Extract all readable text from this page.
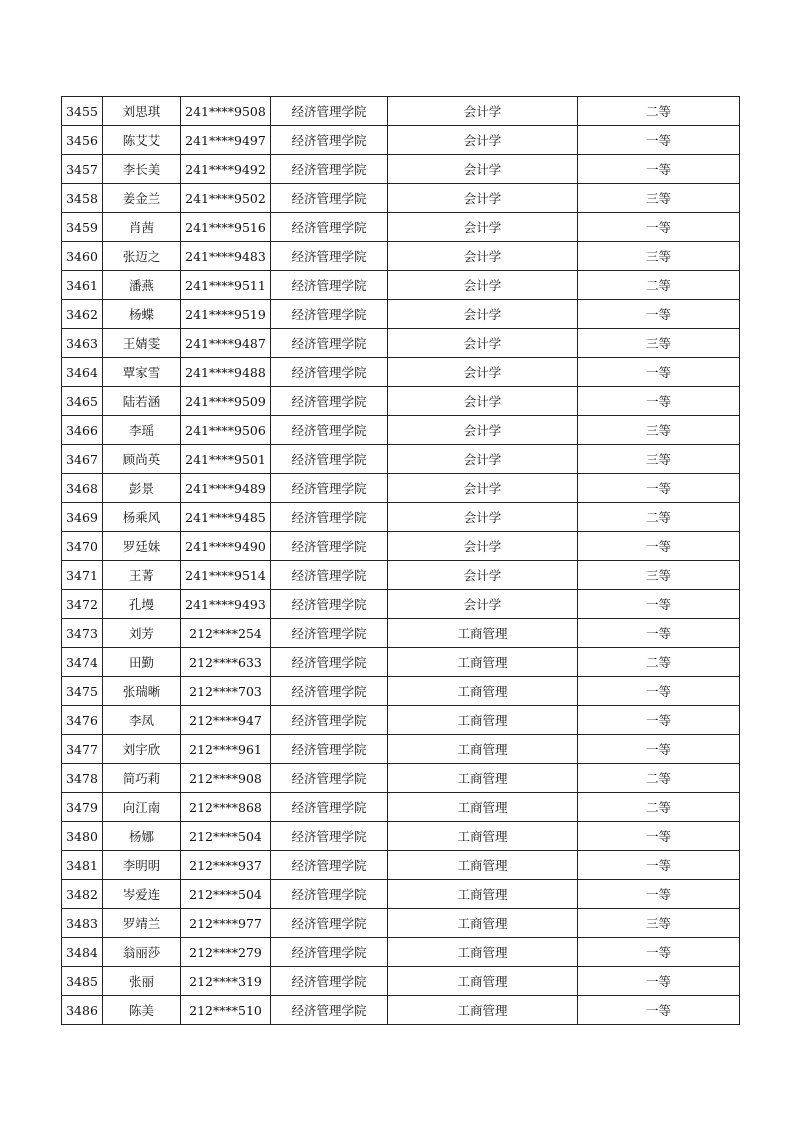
3455	刘思琪	241****9508	经济管理学院	会计学	二等
3456	陈艾艾	241****9497	经济管理学院	会计学	一等
3457	李长美	241****9492	经济管理学院	会计学	一等
3458	姜金兰	241****9502	经济管理学院	会计学	三等
3459	肖茜	241****9516	经济管理学院	会计学	一等
3460	张迈之	241****9483	经济管理学院	会计学	三等
3461	潘燕	241****9511	经济管理学院	会计学	二等
3462	杨蝶	241****9519	经济管理学院	会计学	一等
3463	王婧雯	241****9487	经济管理学院	会计学	三等
3464	覃家雪	241****9488	经济管理学院	会计学	一等
3465	陆若涵	241****9509	经济管理学院	会计学	一等
3466	李瑶	241****9506	经济管理学院	会计学	三等
3467	顾尚英	241****9501	经济管理学院	会计学	三等
3468	彭景	241****9489	经济管理学院	会计学	一等
3469	杨乘风	241****9485	经济管理学院	会计学	二等
3470	罗廷妹	241****9490	经济管理学院	会计学	一等
3471	王菁	241****9514	经济管理学院	会计学	三等
3472	孔墁	241****9493	经济管理学院	会计学	一等
3473	刘芳	212****254	经济管理学院	工商管理	一等
3474	田勤	212****633	经济管理学院	工商管理	二等
3475	张瑞晰	212****703	经济管理学院	工商管理	一等
3476	李凤	212****947	经济管理学院	工商管理	一等
3477	刘宇欣	212****961	经济管理学院	工商管理	一等
3478	简巧莉	212****908	经济管理学院	工商管理	二等
3479	向江南	212****868	经济管理学院	工商管理	二等
3480	杨娜	212****504	经济管理学院	工商管理	一等
3481	李明明	212****937	经济管理学院	工商管理	一等
3482	岑爱连	212****504	经济管理学院	工商管理	一等
3483	罗靖兰	212****977	经济管理学院	工商管理	三等
3484	翁丽莎	212****279	经济管理学院	工商管理	一等
3485	张丽	212****319	经济管理学院	工商管理	一等
3486	陈美	212****510	经济管理学院	工商管理	一等
